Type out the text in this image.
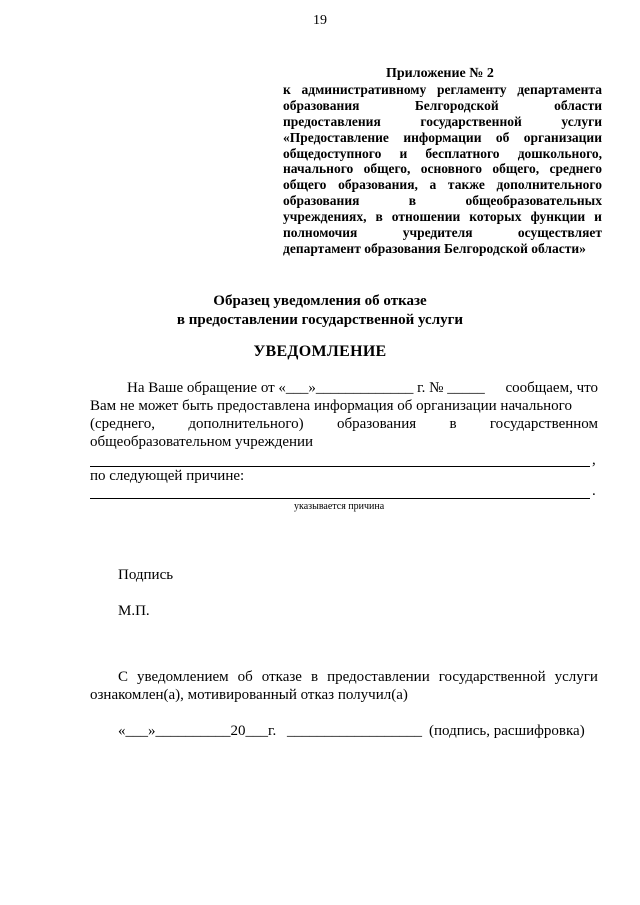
19
Приложение № 2
к административному регламенту департамента
образования	Белгородской	области
предоставления	государственной	услуги
«Предоставление информации об организации
общедоступного и бесплатного дошкольного,
начального общего, основного общего, среднего
общего образования, а также дополнительного
образования	в	общеобразовательных
учреждениях, в отношении которых функции и
полномочия	учредителя	осуществляет
департамент образования Белгородской области»
Образец уведомления об отказе
в предоставлении государственной услуги
УВЕДОМЛЕНИЕ
На Ваше обращение от «___»_____________ г. № _____ сообщаем, что
Вам не может быть предоставлена информация об организации начального
(среднего, дополнительного) образования в государственном
общеобразовательном учреждении
,
по следующей причине:
.
указывается причина
Подпись
М.П.
С уведомлением об отказе в предоставлении государственной услуги
ознакомлен(а), мотивированный отказ получил(а)
«___»__________20___г. __________________ (подпись, расшифровка)
